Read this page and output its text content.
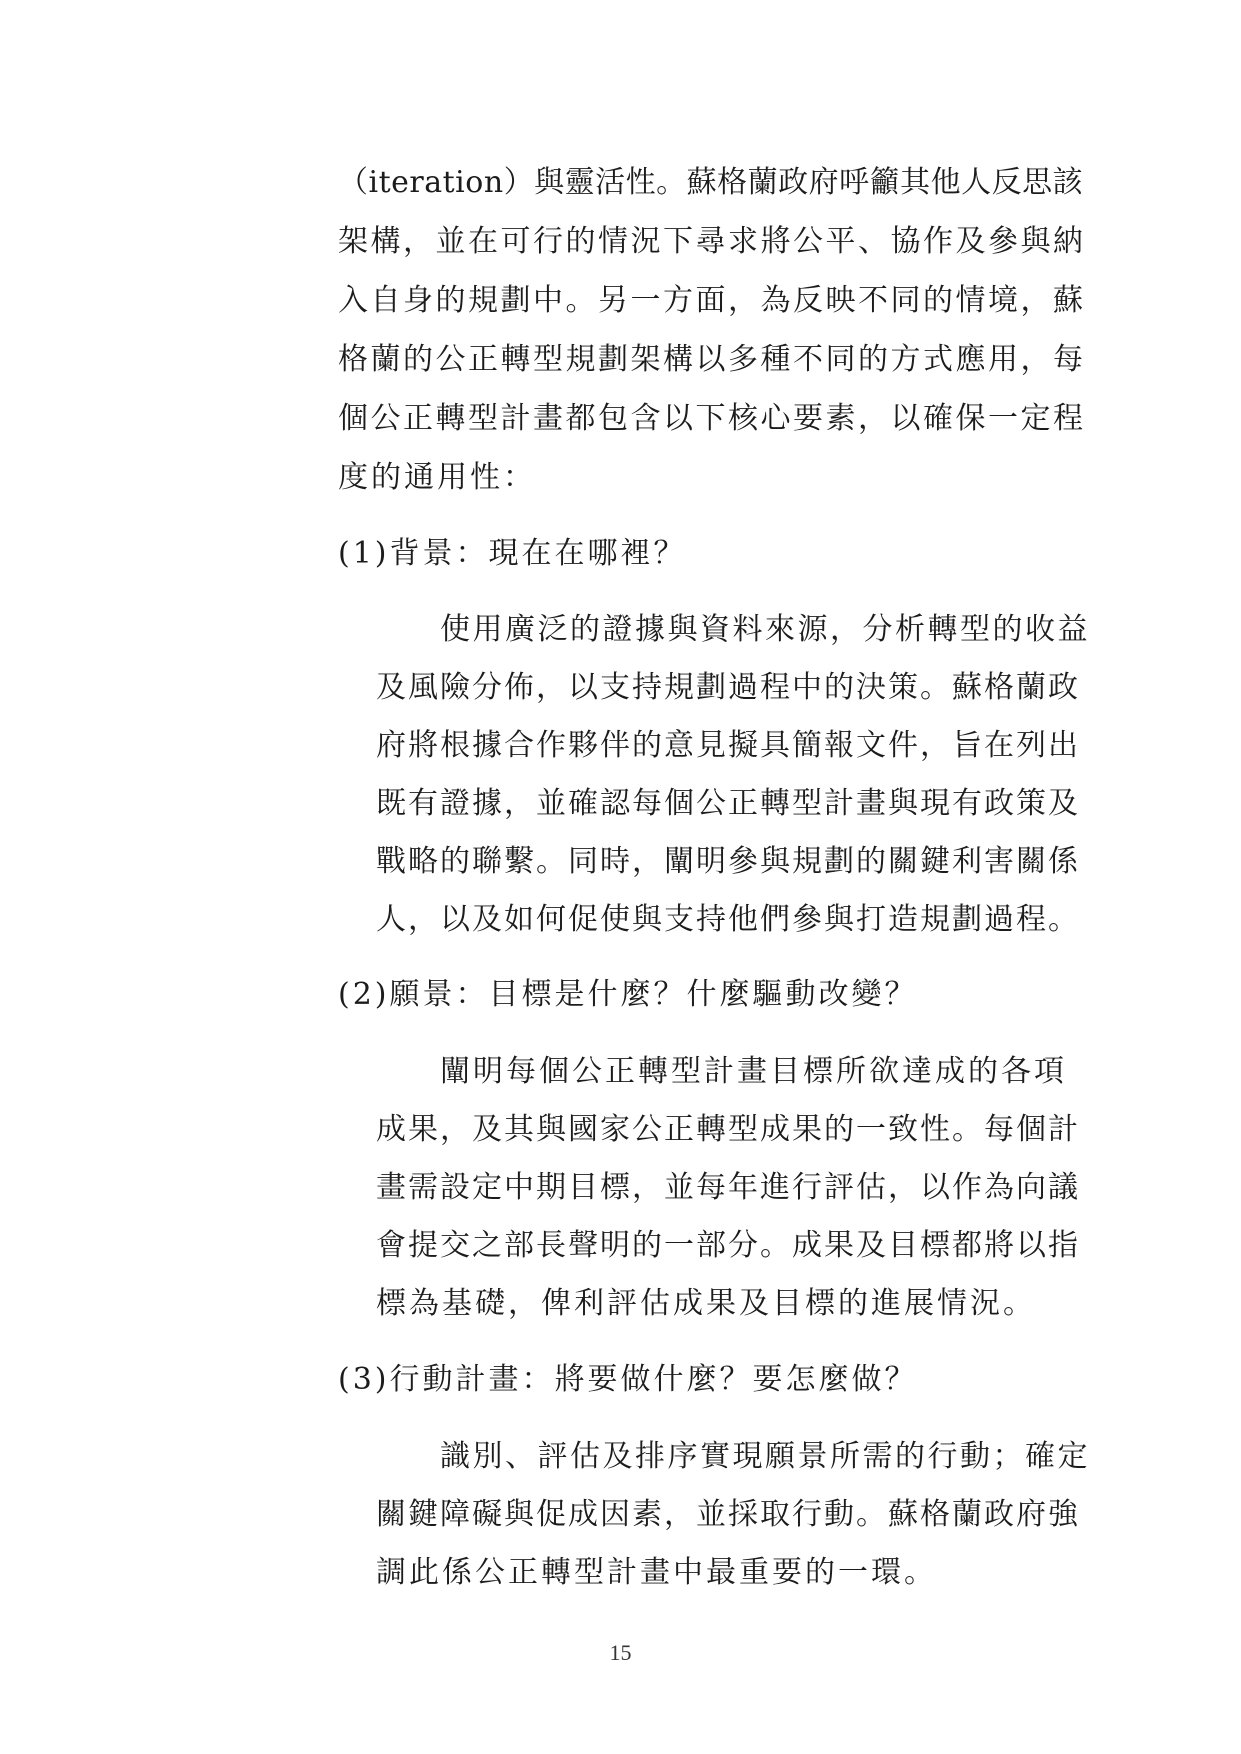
（iteration）與靈活性。蘇格蘭政府呼籲其他人反思該
架構，並在可行的情況下尋求將公平、協作及參與納
入自身的規劃中。另一方面，為反映不同的情境，蘇
格蘭的公正轉型規劃架構以多種不同的方式應用，每
個公正轉型計畫都包含以下核心要素，以確保一定程
度的通用性：
(1)背景：現在在哪裡？
使用廣泛的證據與資料來源，分析轉型的收益
及風險分佈，以支持規劃過程中的決策。蘇格蘭政
府將根據合作夥伴的意見擬具簡報文件，旨在列出
既有證據，並確認每個公正轉型計畫與現有政策及
戰略的聯繫。同時，闡明參與規劃的關鍵利害關係
人，以及如何促使與支持他們參與打造規劃過程。
(2)願景：目標是什麼？什麼驅動改變？
闡明每個公正轉型計畫目標所欲達成的各項
成果，及其與國家公正轉型成果的一致性。每個計
畫需設定中期目標，並每年進行評估，以作為向議
會提交之部長聲明的一部分。成果及目標都將以指
標為基礎，俾利評估成果及目標的進展情況。
(3)行動計畫：將要做什麼？要怎麼做？
識別、評估及排序實現願景所需的行動；確定
關鍵障礙與促成因素，並採取行動。蘇格蘭政府強
調此係公正轉型計畫中最重要的一環。
15
